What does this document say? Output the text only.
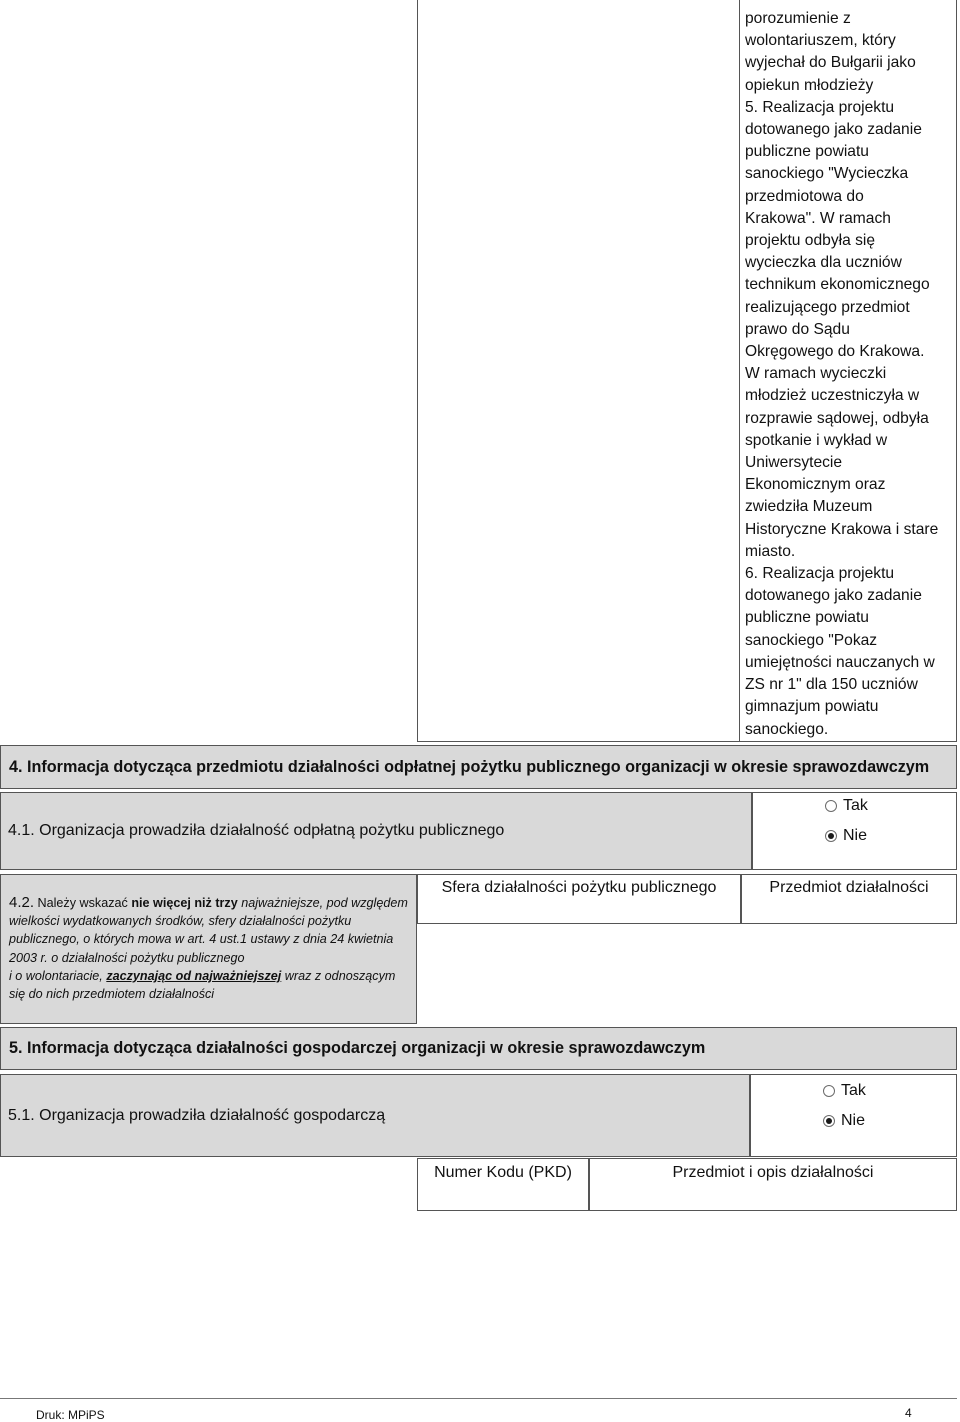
porozumienie z
wolontariuszem, który
wyjechał do Bułgarii jako
opiekun młodzieży
5. Realizacja projektu
dotowanego jako zadanie
publiczne powiatu
sanockiego "Wycieczka
przedmiotowa do
Krakowa". W ramach
projektu odbyła się
wycieczka dla uczniów
technikum ekonomicznego
realizującego przedmiot
prawo do Sądu
Okręgowego do Krakowa.
W ramach wycieczki
młodzież uczestniczyła w
rozprawie sądowej, odbyła
spotkanie i wykład w
Uniwersytecie
Ekonomicznym oraz
zwiedziła Muzeum
Historyczne Krakowa i stare
miasto.
6. Realizacja projektu
dotowanego jako zadanie
publiczne powiatu
sanockiego "Pokaz
umiejętności nauczanych w
ZS nr 1" dla 150 uczniów
gimnazjum powiatu
sanockiego.
4. Informacja dotycząca przedmiotu działalności odpłatnej pożytku publicznego organizacji w okresie sprawozdawczym
4.1. Organizacja prowadziła działalność odpłatną pożytku publicznego
Tak
Nie
4.2. Należy wskazać nie więcej niż trzy najważniejsze, pod względem wielkości wydatkowanych środków, sfery działalności pożytku publicznego, o których mowa w art. 4 ust.1 ustawy z dnia 24 kwietnia 2003 r. o działalności pożytku publicznego
i o wolontariacie, zaczynając od najważniejszej wraz z odnoszącym się do nich przedmiotem działalności
Sfera działalności pożytku publicznego	Przedmiot działalności
5. Informacja dotycząca działalności gospodarczej organizacji w okresie sprawozdawczym
5.1. Organizacja prowadziła działalność gospodarczą
Tak
Nie
Numer Kodu (PKD)	Przedmiot i opis działalności
Druk: MPiPS	4
